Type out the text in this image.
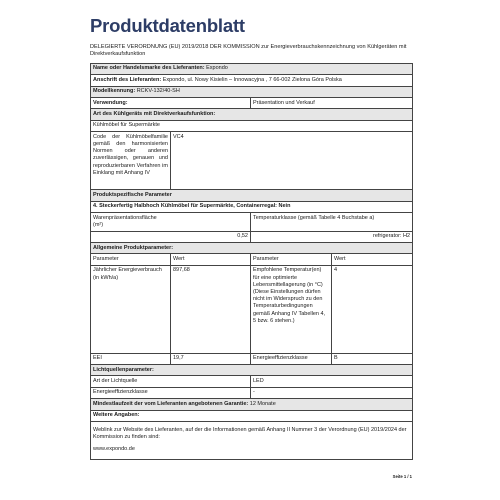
Produktdatenblatt
DELEGIERTE VERORDNUNG (EU) 2019/2018 DER KOMMISSION zur Energieverbrauchskennzeichnung von Kühlgeräten mit Direktverkaufsfunktion
Name oder Handelsmarke des Lieferanten: Expondo			
Anschrift des Lieferanten: Expondo, ul. Nowy Kisielin – Innowacyjna , 7 66-002 Zielona Góra Polska			
Modellkennung: RCKV-132/40-SH			
Verwendung:		Präsentation und Verkauf	
Art des Kühlgeräts mit Direktverkaufsfunktion:			
Kühlmöbel für Supermärkte			
Code der Kühlmöbelfamilie gemäß den harmonisierten Normen oder anderen zuverlässigen, genauen und reproduzierbaren Verfahren im Einklang mit Anhang IV	VC4		
Produktspezifische Parameter			
4. Steckerfertig Halbhoch Kühlmöbel für Supermärkte, Containerregal: Nein			
Warenpräsentationsfläche
(m²)		Temperaturklasse (gemäß Tabelle 4 Buchstabe a)	
0,52		refrigerator: H2	
Allgemeine Produktparameter:			
Parameter	Wert	Parameter	Wert
Jährlicher Energieverbrauch (in kWh/a)	897,68	Empfohlene Temperatur(en) für eine optimierte Lebensmittellagerung (in °C) (Diese Einstellungen dürfen nicht im Widerspruch zu den Temperaturbedingungen gemäß Anhang IV Tabellen 4, 5 bzw. 6 stehen.)	4
EEI	19,7	Energieeffizienzklasse	B
Lichtquellenparameter:			
Art der Lichtquelle		LED	
Energieeffizienzklasse		-	
Mindestlaufzeit der vom Lieferanten angebotenen Garantie: 12 Monate			
Weitere Angaben:			
Weblink zur Website des Lieferanten, auf der die Informationen gemäß Anhang II Nummer 3 der Verordnung (EU) 2019/2024 der Kommission zu finden sind:
www.expondo.de			
Seite 1 / 1
